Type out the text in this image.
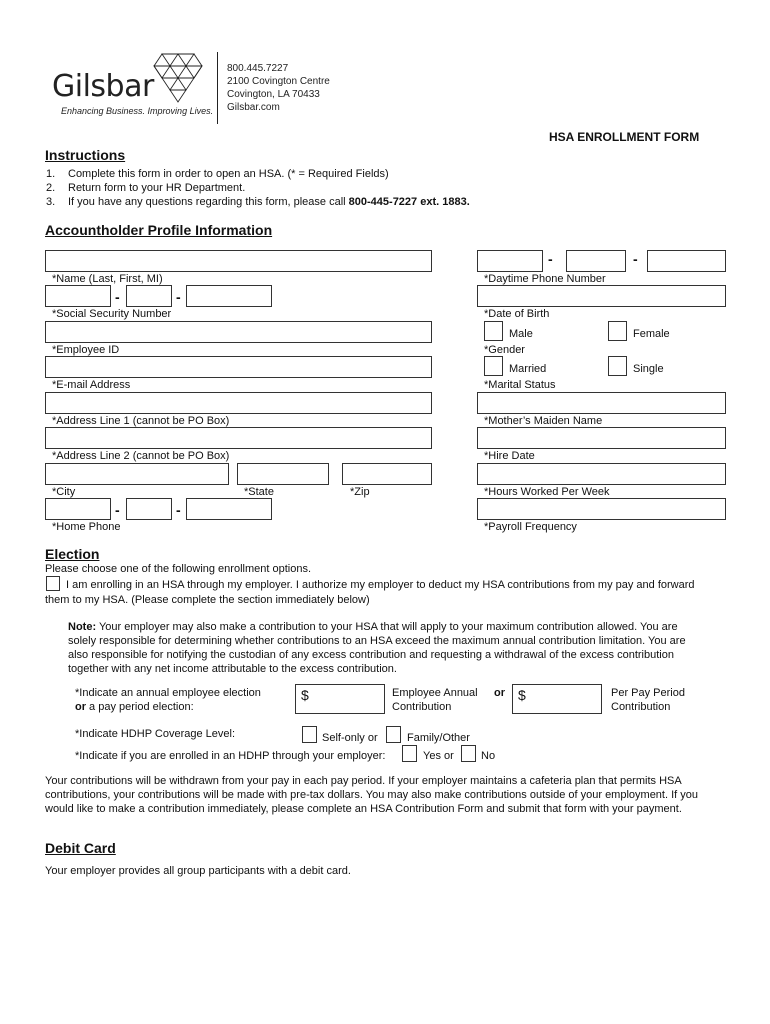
Gilsbar
Enhancing Business. Improving Lives.
800.445.7227
2100 Covington Centre
Covington, LA 70433
Gilsbar.com
HSA ENROLLMENT FORM
Instructions
1. Complete this form in order to open an HSA. (* = Required Fields)
2. Return form to your HR Department.
3. If you have any questions regarding this form, please call 800-445-7227 ext. 1883.
Accountholder Profile Information
*Name (Last, First, MI)
-	-
*Social Security Number
*Employee ID
*E-mail Address
*Address Line 1 (cannot be PO Box)
*Address Line 2 (cannot be PO Box)
*City	*State	*Zip
-	-
*Home Phone
-	-
*Daytime Phone Number
*Date of Birth
Male	Female
*Gender
Married	Single
*Marital Status
*Mother’s Maiden Name
*Hire Date
*Hours Worked Per Week
*Payroll Frequency
Election
Please choose one of the following enrollment options.
I am enrolling in an HSA through my employer. I authorize my employer to deduct my HSA contributions from my pay and forward
them to my HSA. (Please complete the section immediately below)
Note: Your employer may also make a contribution to your HSA that will apply to your maximum contribution allowed. You are
solely responsible for determining whether contributions to an HSA exceed the maximum annual contribution limitation. You are
also responsible for notifying the custodian of any excess contribution and requesting a withdrawal of the excess contribution
together with any net income attributable to the excess contribution.
*Indicate an annual employee election
or a pay period election:
$	Employee Annual
Contribution
or $	Per Pay Period
Contribution
*Indicate HDHP Coverage Level:	Self-only or	Family/Other
*Indicate if you are enrolled in an HDHP through your employer:	Yes or No
Your contributions will be withdrawn from your pay in each pay period. If your employer maintains a cafeteria plan that permits HSA
contributions, your contributions will be made with pre-tax dollars. You may also make contributions outside of your employment. If you
would like to make a contribution immediately, please complete an HSA Contribution Form and submit that form with your payment.
Debit Card
Your employer provides all group participants with a debit card.
